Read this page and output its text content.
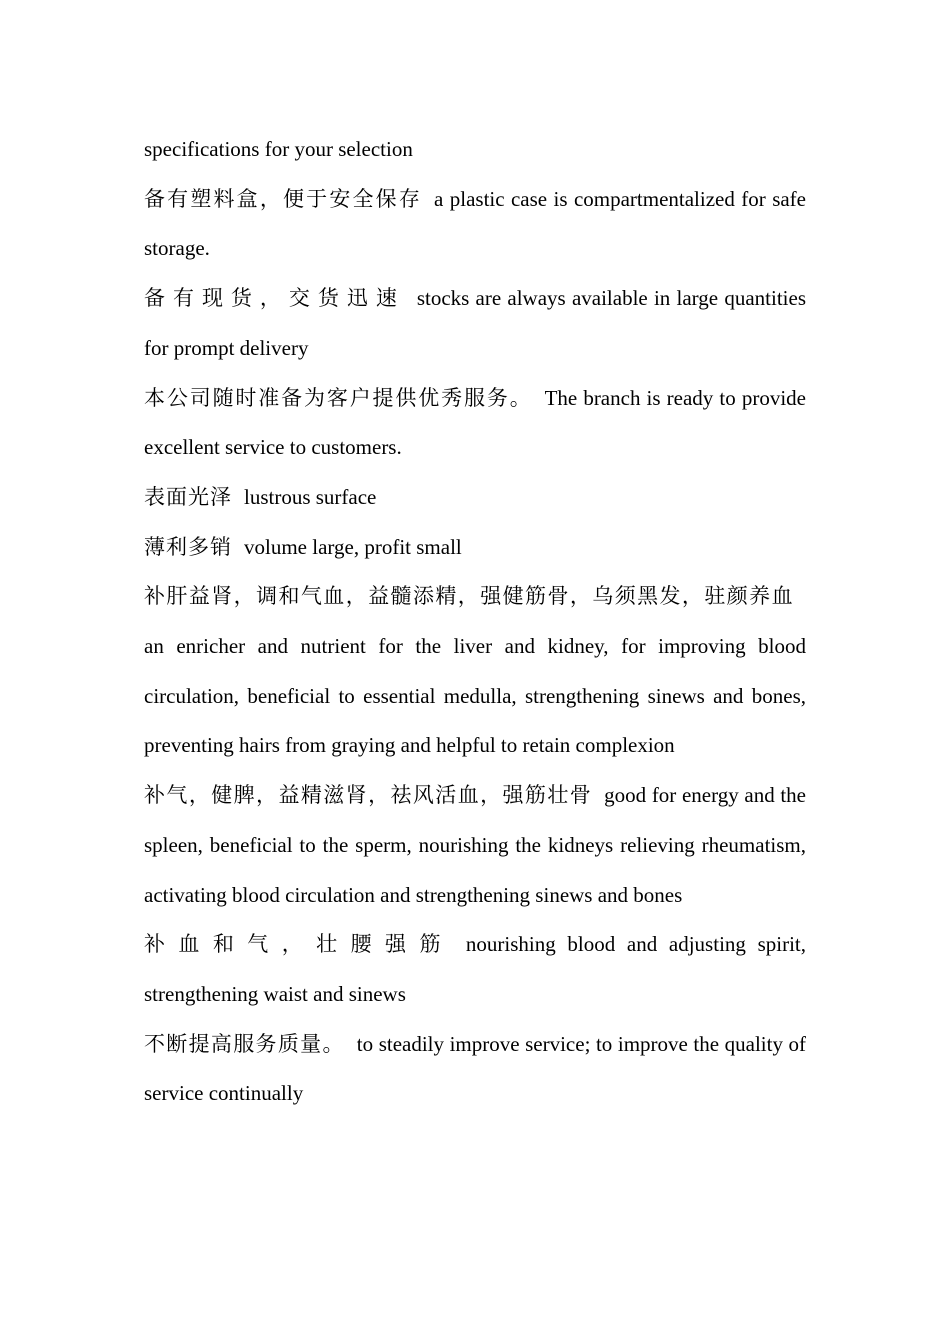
specifications for your selection

备有塑料盒，便于安全保存 a plastic case is compartmentalized for safe storage.

备有现货，交货迅速 stocks are always available in large quantities for prompt delivery

本公司随时准备为客户提供优秀服务。 The branch is ready to provide excellent service to customers.

表面光泽 lustrous surface

薄利多销 volume large, profit small

补肝益肾，调和气血，益髓添精，强健筋骨，乌须黑发，驻颜养血an enricher and nutrient for the liver and kidney, for improving blood circulation, beneficial to essential medulla, strengthening sinews and bones, preventing hairs from graying and helpful to retain complexion

补气，健脾，益精滋肾，祛风活血，强筋壮骨 good for energy and the spleen, beneficial to the sperm, nourishing the kidneys relieving rheumatism, activating blood circulation and strengthening sinews and bones

补血和气，壮腰强筋 nourishing blood and adjusting spirit, strengthening waist and sinews

不断提高服务质量。 to steadily improve service; to improve the quality of service continually
